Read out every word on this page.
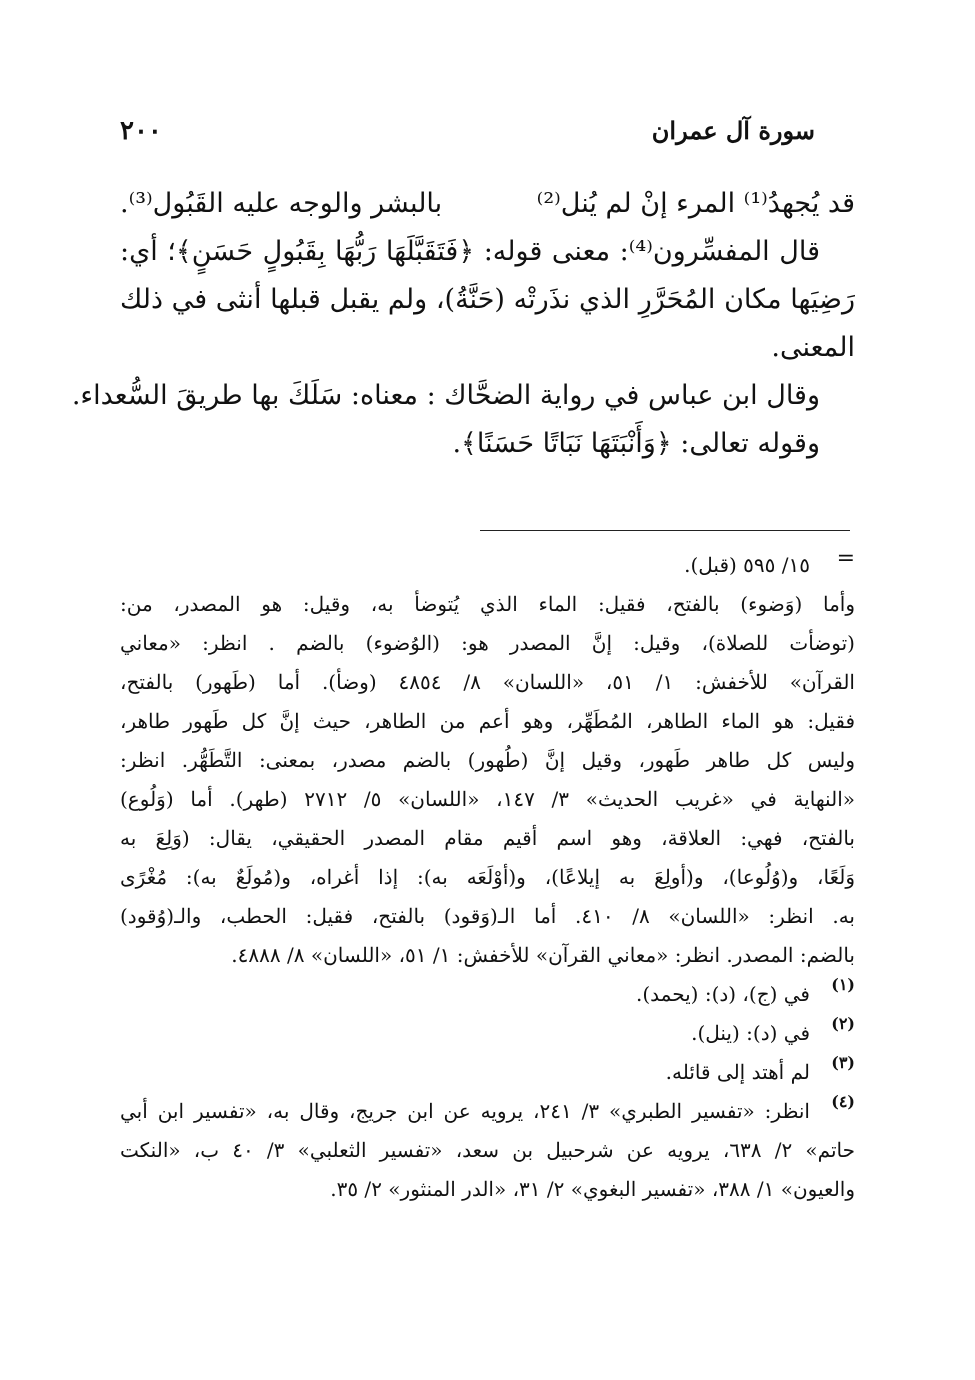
سورة آل عمران
٢٠٠
قد يُجهدُ⁽¹⁾ المرء إنْ لم يُنل⁽²⁾
بالبشر والوجه عليه القَبُول⁽³⁾.
قال المفسِّرون⁽⁴⁾: معنى قوله: ﴿فَتَقَبَّلَهَا رَبُّهَا بِقَبُولٍ حَسَنٍ﴾؛ أي:
رَضِيَها مكان المُحَرَّرِ الذي نذَرتْه (حَنَّةُ)، ولم يقبل قبلها أنثى في ذلك
المعنى.
وقال ابن عباس في رواية الضحَّاك : معناه: سَلَكَ بها طريقَ السُّعداء.
وقوله تعالى: ﴿وَأَنْبَتَهَا نَبَاتًا حَسَنًا﴾.
=
١٥/ ٥٩٥ (قبل).
وأما (وَضوء) بالفتح، فقيل: الماء الذي يُتوضأ به، وقيل: هو المصدر، من:
(توضأت للصلاة)، وقيل: إنَّ المصدر هو: (الوُضوء) بالضم . انظر: «معاني
القرآن» للأخفش: ١/ ٥١، «اللسان» ٨/ ٤٨٥٤ (وضأ). أما (طَهور) بالفتح،
فقيل: هو الماء الطاهر، المُطَهِّر، وهو أعم من الطاهر، حيث إنَّ كل طَهور طاهر،
وليس كل طاهر طَهور، وقيل إنَّ (طُهور) بالضم مصدر، بمعنى: التَّطَهُّر. انظر:
«النهاية في «غريب الحديث» ٣/ ١٤٧، «اللسان» ٥/ ٢٧١٢ (طهر). أما (وَلُوع)
بالفتح، فهي: العلاقة، وهو اسم أقيم مقام المصدر الحقيقي، يقال: (وَلِعَ به
وَلَعًا، و(وُلُوعا)، و(أولِعَ به إيلاعًا)، و(أوْلَعَه به): إذا أغراه، و(مُولَعٌ به): مُغْرًى
به. انظر: «اللسان» ٨/ ٤١٠. أما الـ(وَقود) بالفتح، فقيل: الحطب، والـ(وُقود)
بالضم: المصدر. انظر: «معاني القرآن» للأخفش: ١/ ٥١، «اللسان» ٨/ ٤٨٨٨.
(١)
في (ج)، (د): (يحمد).
(٢)
في (د): (ينل).
(٣)
لم أهتد إلى قائله.
(٤)
انظر: «تفسير الطبري» ٣/ ٢٤١، يرويه عن ابن جريج، وقال به، «تفسير ابن أبي
حاتم» ٢/ ٦٣٨، يرويه عن شرحبيل بن سعد، «تفسير الثعلبي» ٣/ ٤٠ ب، «النكت
والعيون» ١/ ٣٨٨، «تفسير البغوي» ٢/ ٣١، «الدر المنثور» ٢/ ٣٥.
